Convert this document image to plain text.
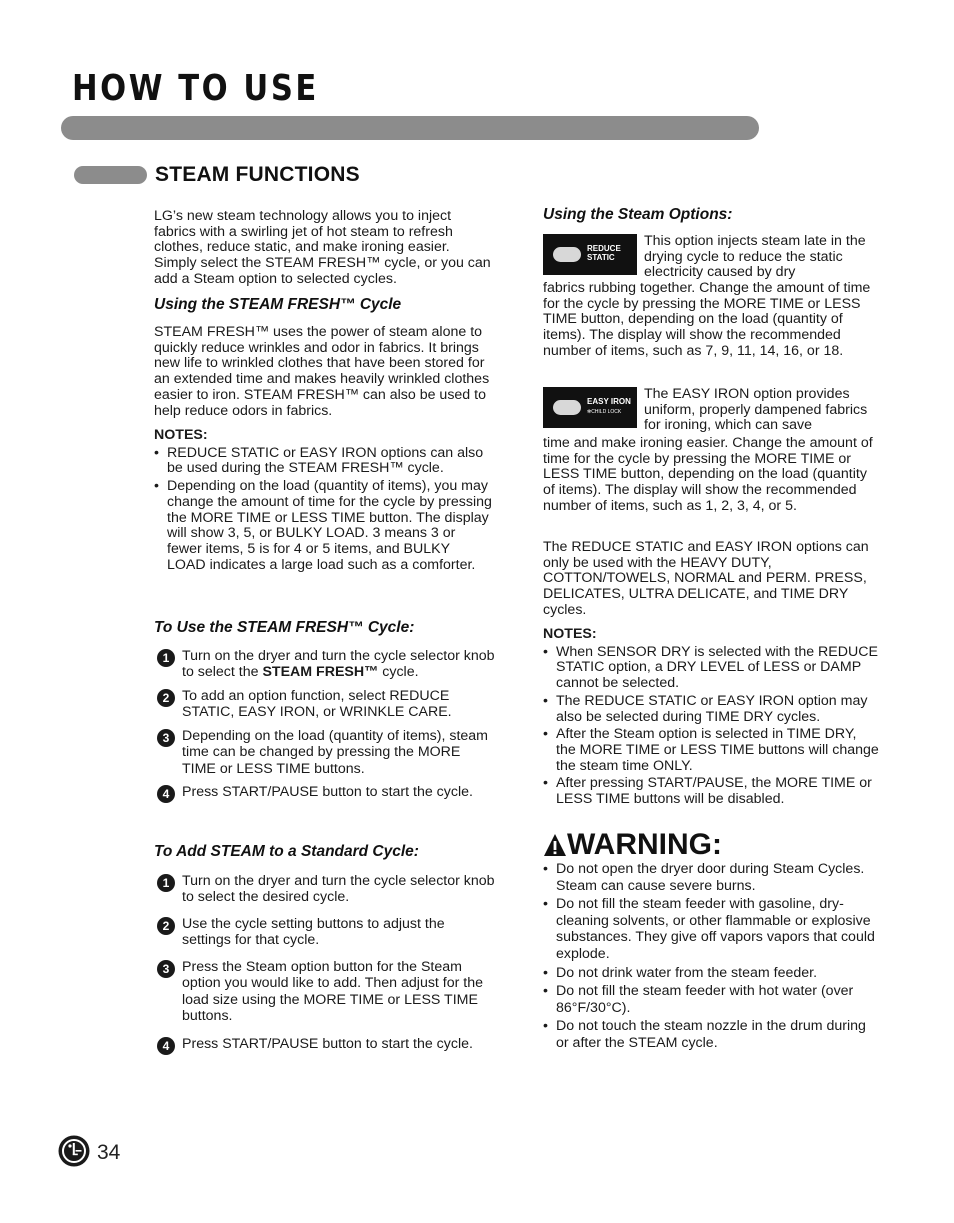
HOW TO USE
STEAM FUNCTIONS

LG’s new steam technology allows you to inject fabrics with a swirling jet of hot steam to refresh clothes, reduce static, and make ironing easier. Simply select the STEAM FRESH™ cycle, or you can add a Steam option to selected cycles.

Using the STEAM FRESH™ Cycle

STEAM FRESH™ uses the power of steam alone to quickly reduce wrinkles and odor in fabrics. It brings new life to wrinkled clothes that have been stored for an extended time and makes heavily wrinkled clothes easier to iron. STEAM FRESH™ can also be used to help reduce odors in fabrics.

NOTES:
• REDUCE STATIC or EASY IRON options can also be used during the STEAM FRESH™ cycle.
• Depending on the load (quantity of items), you may change the amount of time for the cycle by pressing the MORE TIME or LESS TIME button. The display will show 3, 5, or BULKY LOAD. 3 means 3 or fewer items, 5 is for 4 or 5 items, and BULKY LOAD indicates a large load such as a comforter.
To Use the STEAM FRESH™ Cycle:
1 Turn on the dryer and turn the cycle selector knob to select the STEAM FRESH™ cycle.
2 To add an option function, select REDUCE STATIC, EASY IRON, or WRINKLE CARE.
3 Depending on the load (quantity of items), steam time can be changed by pressing the MORE TIME or LESS TIME buttons.
4 Press START/PAUSE button to start the cycle.
To Add STEAM to a Standard Cycle:
1 Turn on the dryer and turn the cycle selector knob to select the desired cycle.
2 Use the cycle setting buttons to adjust the settings for that cycle.
3 Press the Steam option button for the Steam option you would like to add. Then adjust for the load size using the MORE TIME or LESS TIME buttons.
4 Press START/PAUSE button to start the cycle.
Using the Steam Options:
REDUCE
STATIC

This option injects steam late in the drying cycle to reduce the static electricity caused by dry

fabrics rubbing together. Change the amount of time for the cycle by pressing the MORE TIME or LESS TIME button, depending on the load (quantity of items). The display will show the recommended number of items, such as 7, 9, 11, 14, 16, or 18.

EASY IRON
✻CHILD LOCK

The EASY IRON option provides uniform, properly dampened fabrics for ironing, which can save

time and make ironing easier. Change the amount of time for the cycle by pressing the MORE TIME or LESS TIME button, depending on the load (quantity of items). The display will show the recommended number of items, such as 1, 2, 3, 4, or 5.

The REDUCE STATIC and EASY IRON options can only be used with the HEAVY DUTY, COTTON/TOWELS, NORMAL and PERM. PRESS, DELICATES, ULTRA DELICATE, and TIME DRY cycles.

NOTES:
• When SENSOR DRY is selected with the REDUCE STATIC option, a DRY LEVEL of LESS or DAMP cannot be selected.
• The REDUCE STATIC or EASY IRON option may also be selected during TIME DRY cycles.
• After the Steam option is selected in TIME DRY, the MORE TIME or LESS TIME buttons will change the steam time ONLY.
• After pressing START/PAUSE, the MORE TIME or LESS TIME buttons will be disabled.
WARNING:
• Do not open the dryer door during Steam Cycles. Steam can cause severe burns.
• Do not fill the steam feeder with gasoline, dry-cleaning solvents, or other flammable or explosive substances. They give off vapors vapors that could explode.
• Do not drink water from the steam feeder.
• Do not fill the steam feeder with hot water (over 86°F/30°C).
• Do not touch the steam nozzle in the drum during or after the STEAM cycle.
34
